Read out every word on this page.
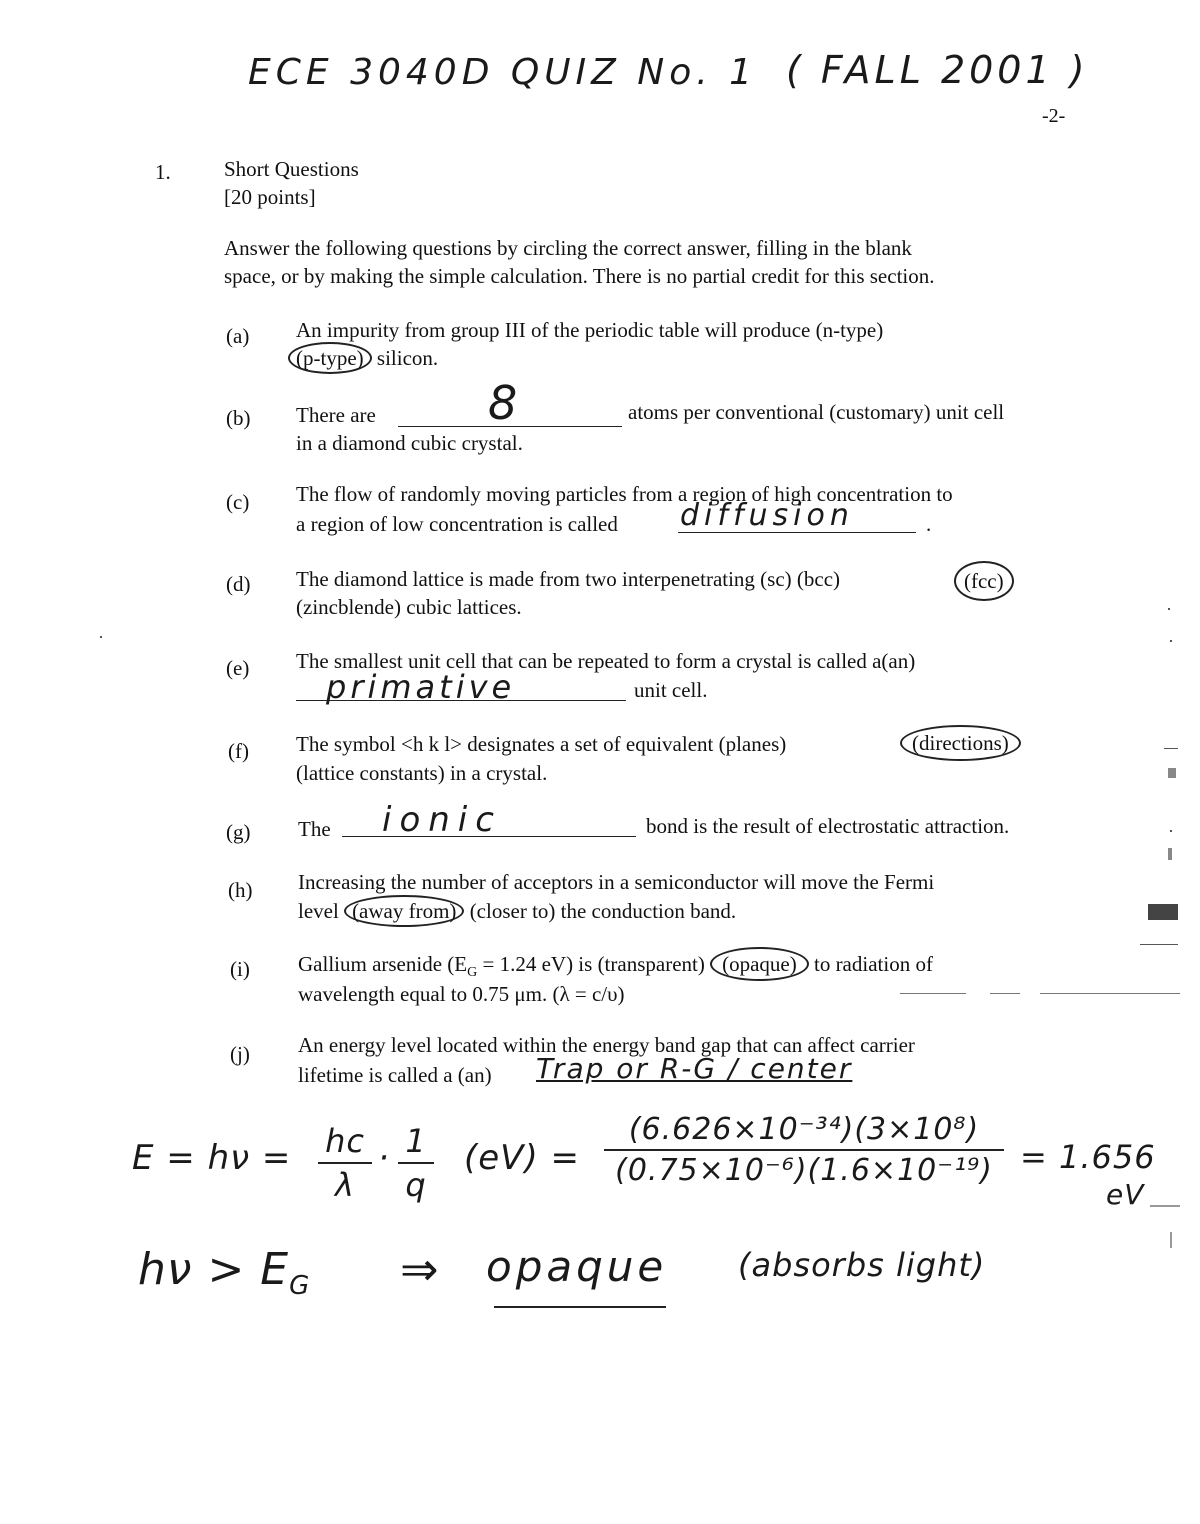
ECE 3040D QUIZ No. 1 ( FALL 2001 )
-2-
1.	Short Questions
[20 points]
Answer the following questions by circling the correct answer, filling in the blank
space, or by making the simple calculation. There is no partial credit for this section.
(a) An impurity from group III of the periodic table will produce (n-type)
(p-type) silicon.
(b) There are 8	atoms per conventional (customary) unit cell
in a diamond cubic crystal.
(c) The flow of randomly moving particles from a region of high concentration to
a region of low concentration is called diffusion	.
(d) The diamond lattice is made from two interpenetrating (sc) (bcc)	(fcc)
(zincblende) cubic lattices.
(e) The smallest unit cell that can be repeated to form a crystal is called a(an)
primative	unit cell.
(f) The symbol <h k l> designates a set of equivalent (planes)	(directions)
(lattice constants) in a crystal.
(g) The ionic	bond is the result of electrostatic attraction.
(h) Increasing the number of acceptors in a semiconductor will move the Fermi
level (away from) (closer to) the conduction band.
(i) Gallium arsenide ($E_G = 1.24$ eV) is (transparent) (opaque) to radiation of
wavelength equal to 0.75 μm. (λ = c/υ)
(j) An energy level located within the energy band gap that can affect carrier
lifetime is called a (an) Trap or R-G / center
E = hν = hc
λ
· 1
q
(eV) =
(6.626×10⁻³⁴)(3×10⁸)
(0.75×10⁻⁶)(1.6×10⁻¹⁹) = 1.656
eV
$h\nu > E_G$ ⇒ opaque (absorbs light)
